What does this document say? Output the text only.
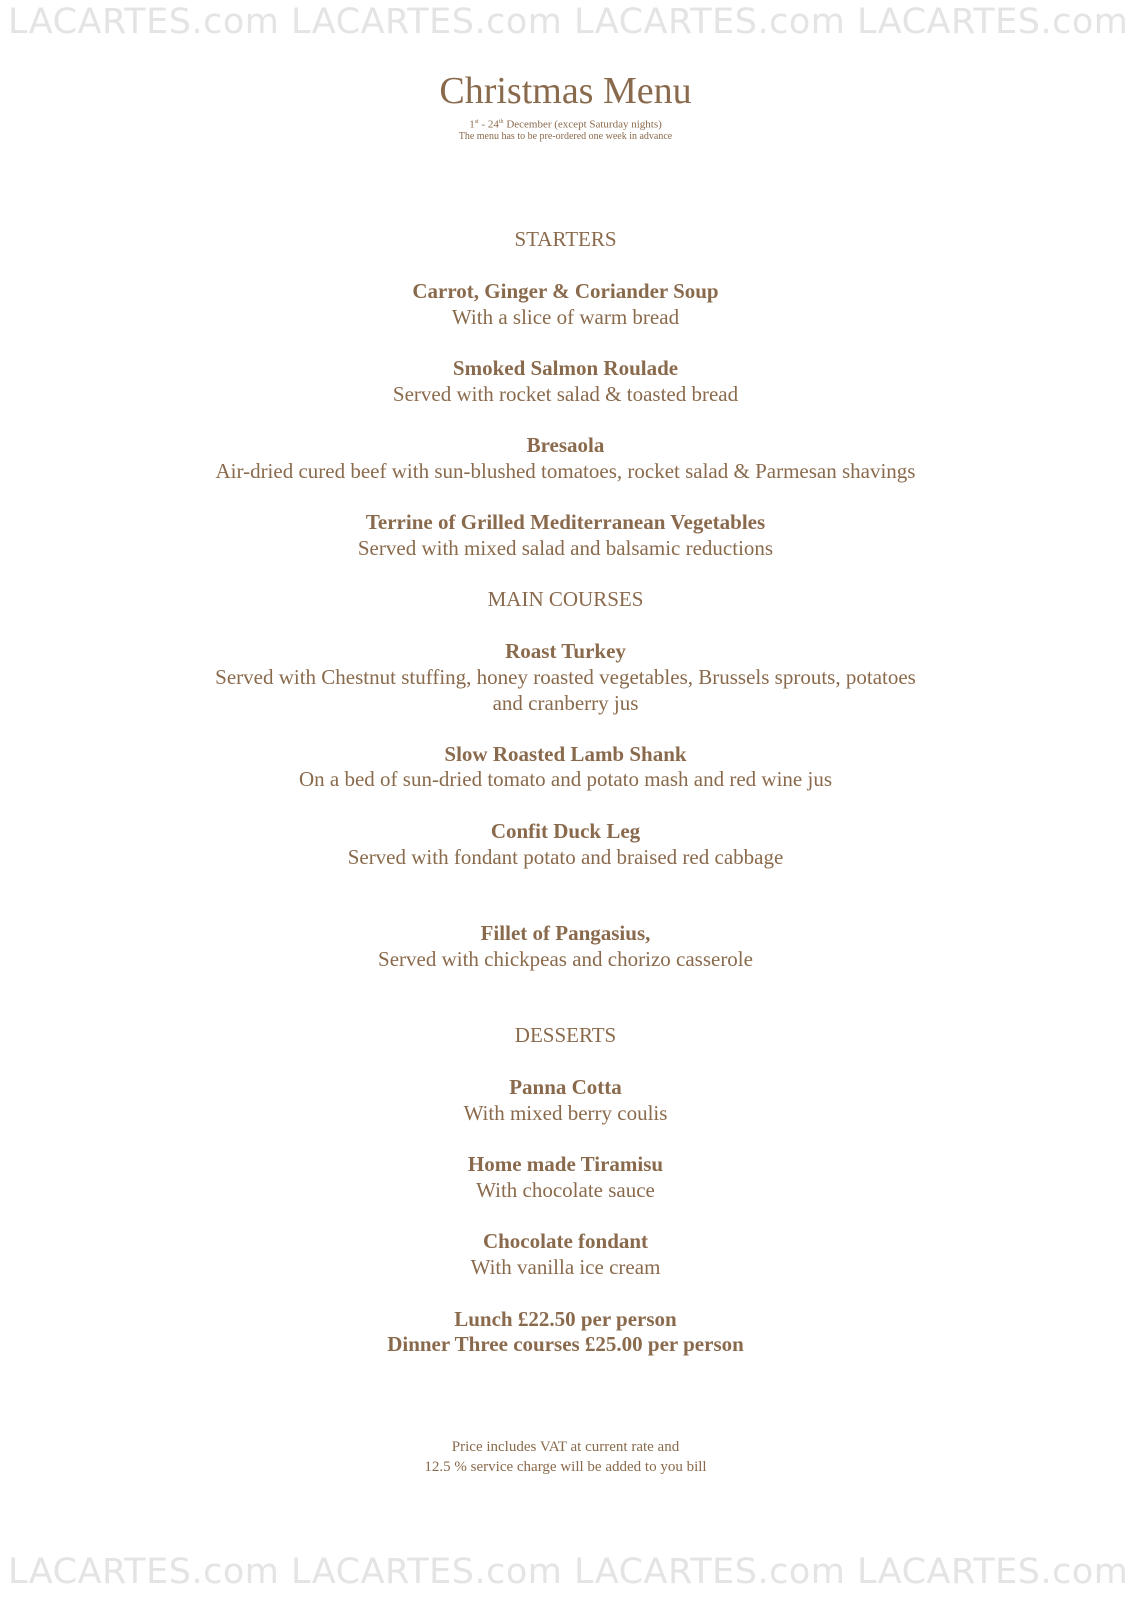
LACARTES.com LACARTES.com LACARTES.com LACARTES.com
Christmas Menu
1st - 24th December (except Saturday nights)
The menu has to be pre-ordered one week in advance
STARTERS
Carrot, Ginger & Coriander Soup
With a slice of warm bread
Smoked Salmon Roulade
Served with rocket salad & toasted bread
Bresaola
Air-dried cured beef with sun-blushed tomatoes, rocket salad & Parmesan shavings
Terrine of Grilled Mediterranean Vegetables
Served with mixed salad and balsamic reductions
MAIN COURSES
Roast Turkey
Served with Chestnut stuffing, honey roasted vegetables, Brussels sprouts, potatoes
and cranberry jus
Slow Roasted Lamb Shank
On a bed of sun-dried tomato and potato mash and red wine jus
Confit Duck Leg
Served with fondant potato and braised red cabbage
Fillet of Pangasius,
Served with chickpeas and chorizo casserole
DESSERTS
Panna Cotta
With mixed berry coulis
Home made Tiramisu
With chocolate sauce
Chocolate fondant
With vanilla ice cream
Lunch £22.50 per person
Dinner Three courses £25.00 per person
Price includes VAT at current rate and
12.5 % service charge will be added to you bill
LACARTES.com LACARTES.com LACARTES.com LACARTES.com
